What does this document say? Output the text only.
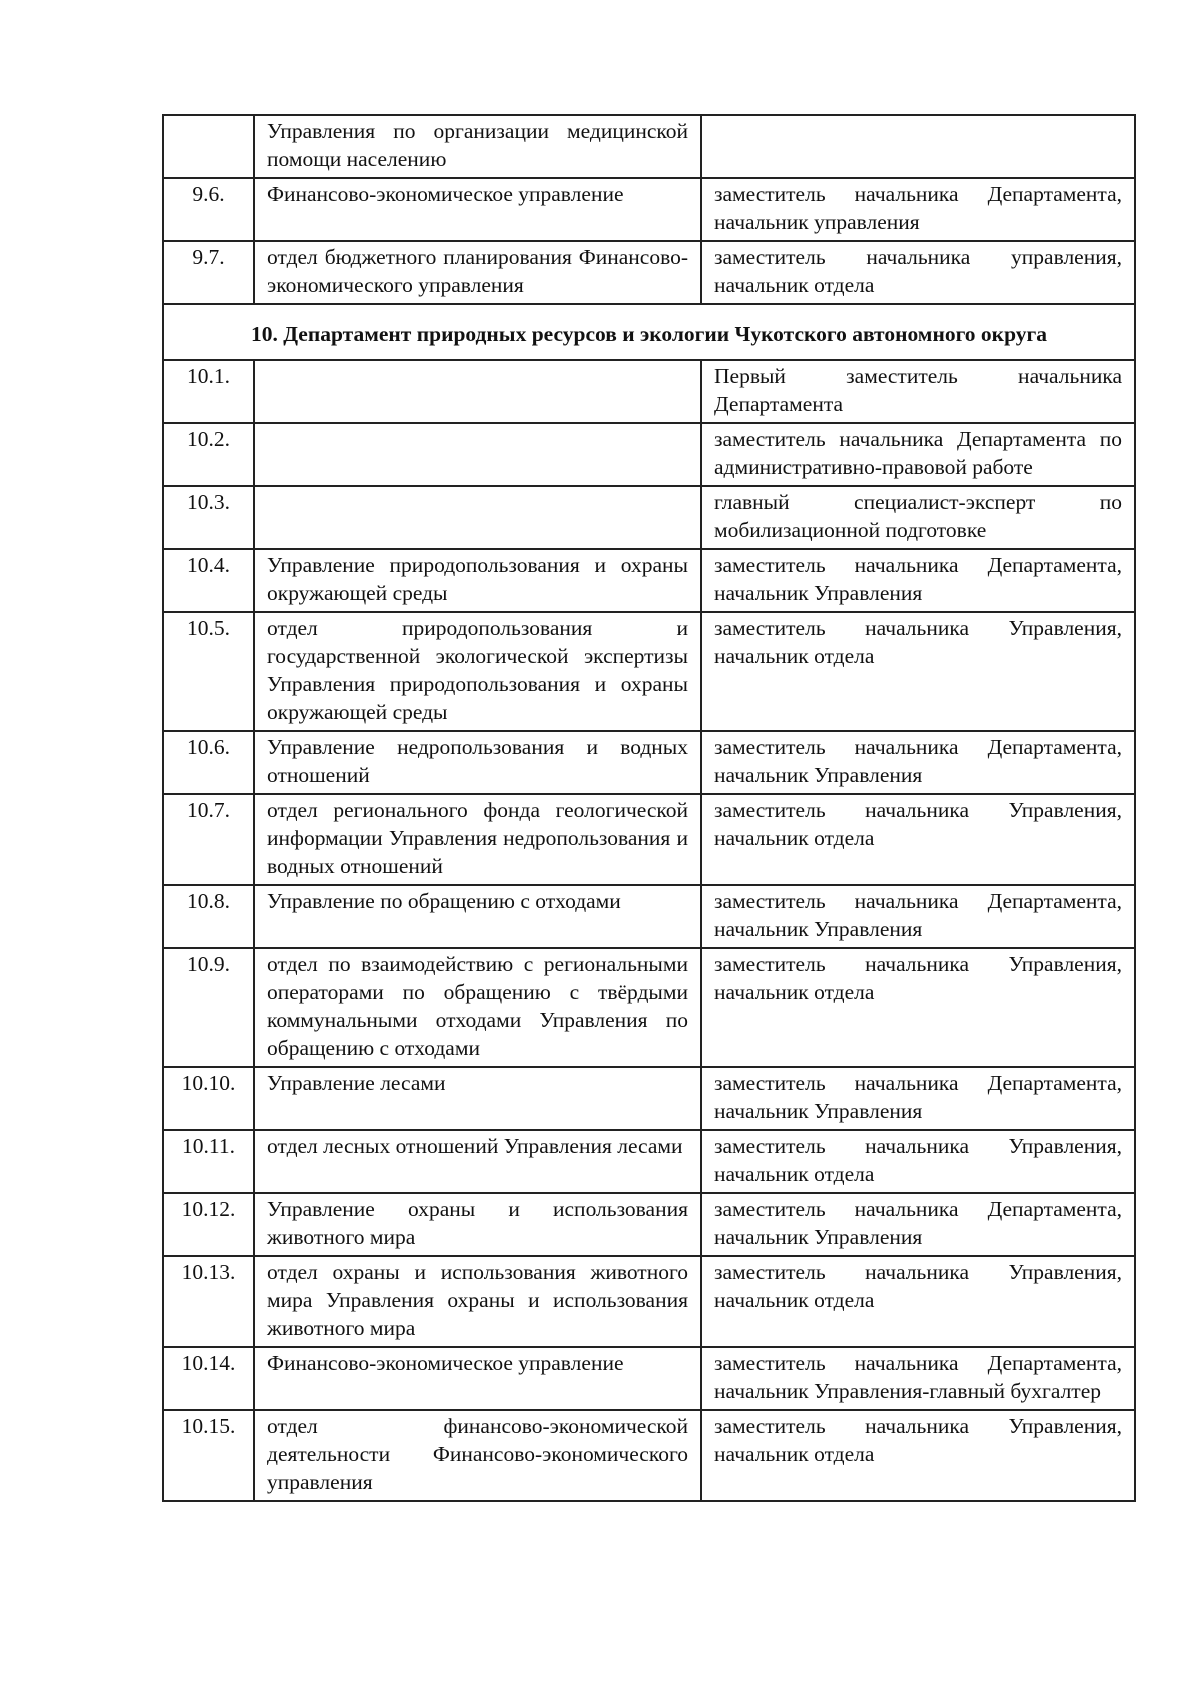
	Управления по организации медицинской помощи населению	
9.6.	Финансово-экономическое управление	заместитель начальника Департамента, начальник управления
9.7.	отдел бюджетного планирования Финансово-экономического управления	заместитель начальника управления, начальник отдела
10. Департамент природных ресурсов и экологии Чукотского автономного округа		
10.1.		Первый заместитель начальника Департамента
10.2.		заместитель начальника Департамента по административно-правовой работе
10.3.		главный специалист-эксперт по мобилизационной подготовке
10.4.	Управление природопользования и охраны окружающей среды	заместитель начальника Департамента, начальник Управления
10.5.	отдел природопользования и государственной экологической экспертизы Управления природопользования и охраны окружающей среды	заместитель начальника Управления, начальник отдела
10.6.	Управление недропользования и водных отношений	заместитель начальника Департамента, начальник Управления
10.7.	отдел регионального фонда геологической информации Управления недропользования и водных отношений	заместитель начальника Управления, начальник отдела
10.8.	Управление по обращению с отходами	заместитель начальника Департамента, начальник Управления
10.9.	отдел по взаимодействию с региональными операторами по обращению с твёрдыми коммунальными отходами Управления по обращению с отходами	заместитель начальника Управления, начальник отдела
10.10.	Управление лесами	заместитель начальника Департамента, начальник Управления
10.11.	отдел лесных отношений Управления лесами	заместитель начальника Управления, начальник отдела
10.12.	Управление охраны и использования животного мира	заместитель начальника Департамента, начальник Управления
10.13.	отдел охраны и использования животного мира Управления охраны и использования животного мира	заместитель начальника Управления, начальник отдела
10.14.	Финансово-экономическое управление	заместитель начальника Департамента, начальник Управления-главный бухгалтер
10.15.	отдел финансово-экономической деятельности Финансово-экономического управления	заместитель начальника Управления, начальник отдела
